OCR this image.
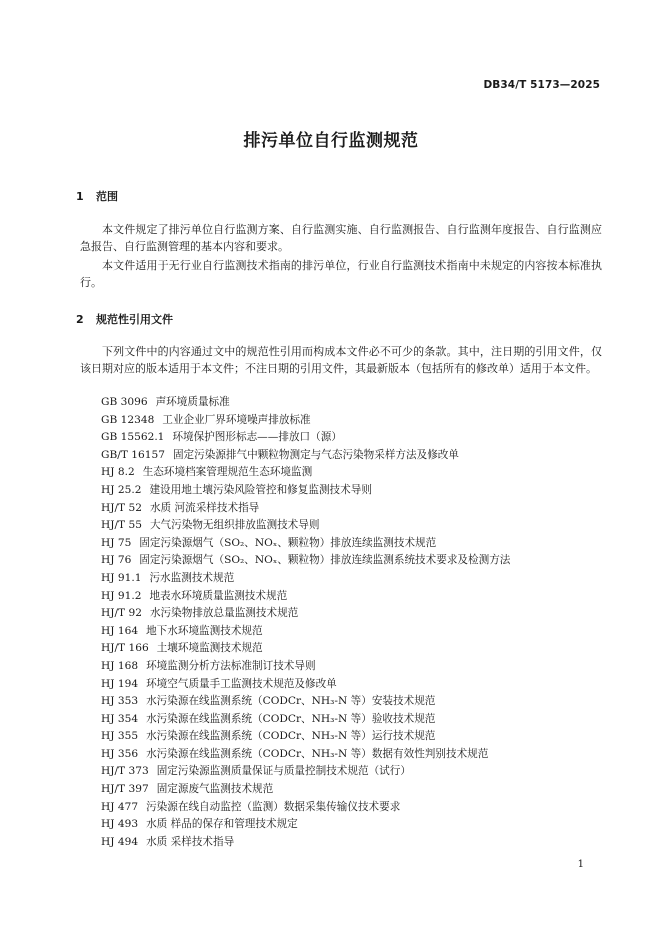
DB34/T 5173—2025
排污单位自行监测规范
1 范围

本文件规定了排污单位自行监测方案、自行监测实施、自行监测报告、自行监测年度报告、自行监测应急报告、自行监测管理的基本内容和要求。

本文件适用于无行业自行监测技术指南的排污单位，行业自行监测技术指南中未规定的内容按本标准执行。

2 规范性引用文件

下列文件中的内容通过文中的规范性引用而构成本文件必不可少的条款。其中，注日期的引用文件，仅该日期对应的版本适用于本文件；不注日期的引用文件，其最新版本（包括所有的修改单）适用于本文件。

GB 3096 声环境质量标准
GB 12348 工业企业厂界环境噪声排放标准
GB 15562.1 环境保护图形标志——排放口（源）
GB/T 16157 固定污染源排气中颗粒物测定与气态污染物采样方法及修改单
HJ 8.2 生态环境档案管理规范生态环境监测
HJ 25.2 建设用地土壤污染风险管控和修复监测技术导则
HJ/T 52 水质 河流采样技术指导
HJ/T 55 大气污染物无组织排放监测技术导则
HJ 75 固定污染源烟气（SO₂、NOₓ、颗粒物）排放连续监测技术规范
HJ 76 固定污染源烟气（SO₂、NOₓ、颗粒物）排放连续监测系统技术要求及检测方法
HJ 91.1 污水监测技术规范
HJ 91.2 地表水环境质量监测技术规范
HJ/T 92 水污染物排放总量监测技术规范
HJ 164 地下水环境监测技术规范
HJ/T 166 土壤环境监测技术规范
HJ 168 环境监测分析方法标准制订技术导则
HJ 194 环境空气质量手工监测技术规范及修改单
HJ 353 水污染源在线监测系统（CODCr、NH₃-N 等）安装技术规范
HJ 354 水污染源在线监测系统（CODCr、NH₃-N 等）验收技术规范
HJ 355 水污染源在线监测系统（CODCr、NH₃-N 等）运行技术规范
HJ 356 水污染源在线监测系统（CODCr、NH₃-N 等）数据有效性判别技术规范
HJ/T 373 固定污染源监测质量保证与质量控制技术规范（试行）
HJ/T 397 固定源废气监测技术规范
HJ 477 污染源在线自动监控（监测）数据采集传输仪技术要求
HJ 493 水质 样品的保存和管理技术规定
HJ 494 水质 采样技术指导
1
